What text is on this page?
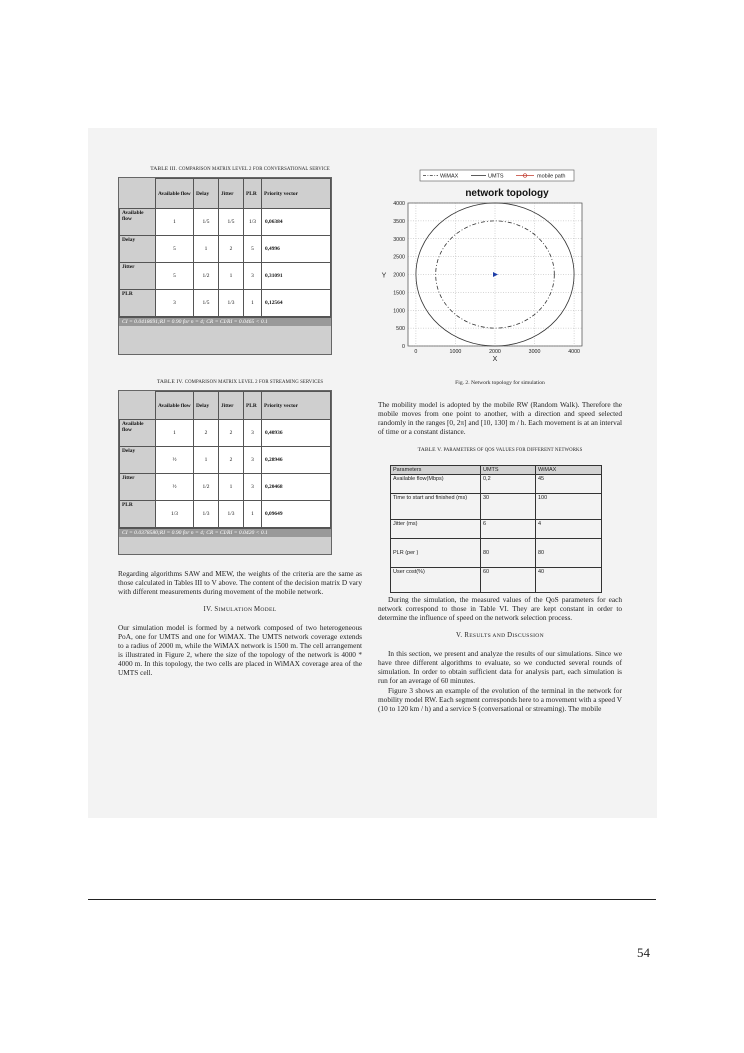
TABLE III. COMPARISON MATRIX LEVEL 2 FOR CONVERSATIONAL SERVICE
	Available flow	Delay	Jitter	PLR	Priority vector
Available flow	1	1/5	1/5	1/3	0,06384
Delay	5	1	2	5	0,4996
Jitter	5	1/2	1	3	0,31091
PLR	3	1/5	1/3	1	0,12564
CI = 0.0418691;RI = 0.90 for n = 4; CR = CI/RI = 0.0465 < 0.1
TABLE IV. COMPARISON MATRIX LEVEL 2 FOR STREAMING SERVICES
	Available flow	Delay	Jitter	PLR	Priority vector
Available flow	1	2	2	3	0,40936
Delay	½	1	2	3	0,28946
Jitter	½	1/2	1	3	0,20468
PLR	1/3	1/3	1/3	1	0,09649
CI = 0.0378580;RI = 0.90 for n = 4; CR = CI/RI = 0.0420 < 0.1

Regarding algorithms SAW and MEW, the weights of the criteria are the same as those calculated in Tables III to V above. The content of the decision matrix D vary with different measurements during movement of the mobile network.

IV. SIMULATION MODEL

Our simulation model is formed by a network composed of two heterogeneous PoA, one for UMTS and one for WiMAX. The UMTS network coverage extends to a radius of 2000 m, while the WiMAX network is 1500 m. The cell arrangement is illustrated in Figure 2, where the size of the topology of the network is 4000 * 4000 m. In this topology, the two cells are placed in WiMAX coverage area of the UMTS cell.

WiMAX	UMTS	mobile path
network topology
0	1000	2000	3000	4000
0
500
1000
1500
2000
2500
3000
3500
4000
X
Y
Fig. 2. Network topology for simulation

The mobility model is adopted by the mobile RW (Random Walk). Therefore the mobile moves from one point to another, with a direction and speed selected randomly in the ranges [0, 2π] and [10, 130] m / h. Each movement is at an interval of time or a constant distance.

TABLE V. PARAMETERS OF QOS VALUES FOR DIFFERENT NETWORKS
Parameters	UMTS	WiMAX
Available flow(Mbps)	0,2	45
Time to start and finished (ms)	30	100
Jitter (ms)	6	4
PLR (per )	80	80
User cost(%)	60	40

During the simulation, the measured values of the QoS parameters for each network correspond to those in Table VI. They are kept constant in order to determine the influence of speed on the network selection process.

V. RESULTS AND DISCUSSION

In this section, we present and analyze the results of our simulations. Since we have three different algorithms to evaluate, so we conducted several rounds of simulation. In order to obtain sufficient data for analysis part, each simulation is run for an average of 60 minutes.

Figure 3 shows an example of the evolution of the terminal in the network for mobility model RW. Each segment corresponds here to a movement with a speed V (10 to 120 km / h) and a service S (conversational or streaming). The mobile

54
